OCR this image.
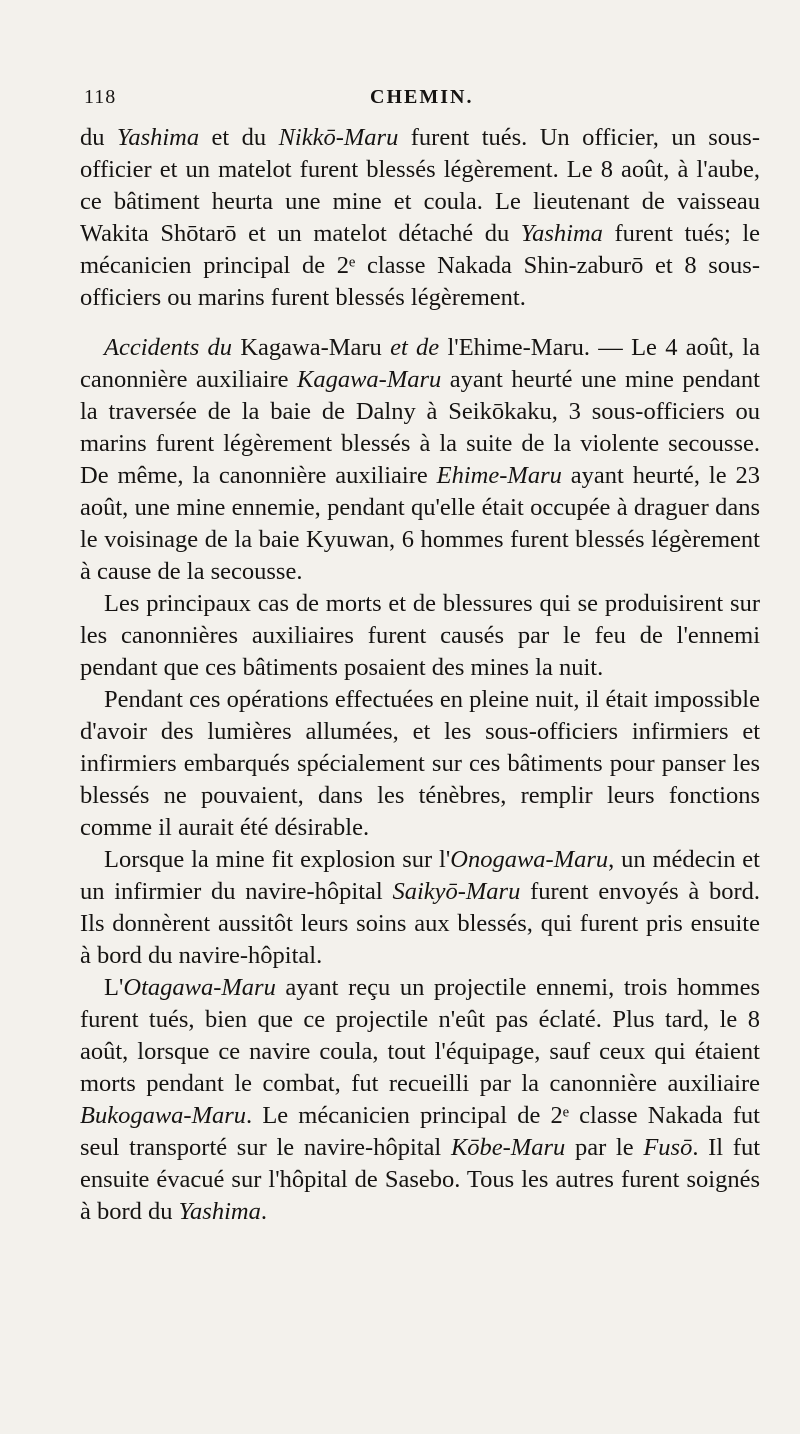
118	CHEMIN.

du Yashima et du Nikkō-Maru furent tués. Un officier, un sous-officier et un matelot furent blessés légèrement. Le 8 août, à l'aube, ce bâtiment heurta une mine et coula. Le lieutenant de vaisseau Wakita Shōtarō et un matelot détaché du Yashima furent tués; le mécanicien principal de 2ᵉ classe Nakada Shin-zaburō et 8 sous-officiers ou marins furent blessés légèrement.

Accidents du Kagawa-Maru et de l'Ehime-Maru. — Le 4 août, la canonnière auxiliaire Kagawa-Maru ayant heurté une mine pendant la traversée de la baie de Dalny à Seikōkaku, 3 sous-officiers ou marins furent légèrement blessés à la suite de la violente secousse. De même, la canonnière auxiliaire Ehime-Maru ayant heurté, le 23 août, une mine ennemie, pendant qu'elle était occupée à draguer dans le voisinage de la baie Kyuwan, 6 hommes furent blessés légèrement à cause de la secousse.

Les principaux cas de morts et de blessures qui se produisirent sur les canonnières auxiliaires furent causés par le feu de l'ennemi pendant que ces bâtiments posaient des mines la nuit.

Pendant ces opérations effectuées en pleine nuit, il était impossible d'avoir des lumières allumées, et les sous-officiers infirmiers et infirmiers embarqués spécialement sur ces bâtiments pour panser les blessés ne pouvaient, dans les ténèbres, remplir leurs fonctions comme il aurait été désirable.

Lorsque la mine fit explosion sur l'Onogawa-Maru, un médecin et un infirmier du navire-hôpital Saikyō-Maru furent envoyés à bord. Ils donnèrent aussitôt leurs soins aux blessés, qui furent pris ensuite à bord du navire-hôpital.

L'Otagawa-Maru ayant reçu un projectile ennemi, trois hommes furent tués, bien que ce projectile n'eût pas éclaté. Plus tard, le 8 août, lorsque ce navire coula, tout l'équipage, sauf ceux qui étaient morts pendant le combat, fut recueilli par la canonnière auxiliaire Bukogawa-Maru. Le mécanicien principal de 2ᵉ classe Nakada fut seul transporté sur le navire-hôpital Kōbe-Maru par le Fusō. Il fut ensuite évacué sur l'hôpital de Sasebo. Tous les autres furent soignés à bord du Yashima.
